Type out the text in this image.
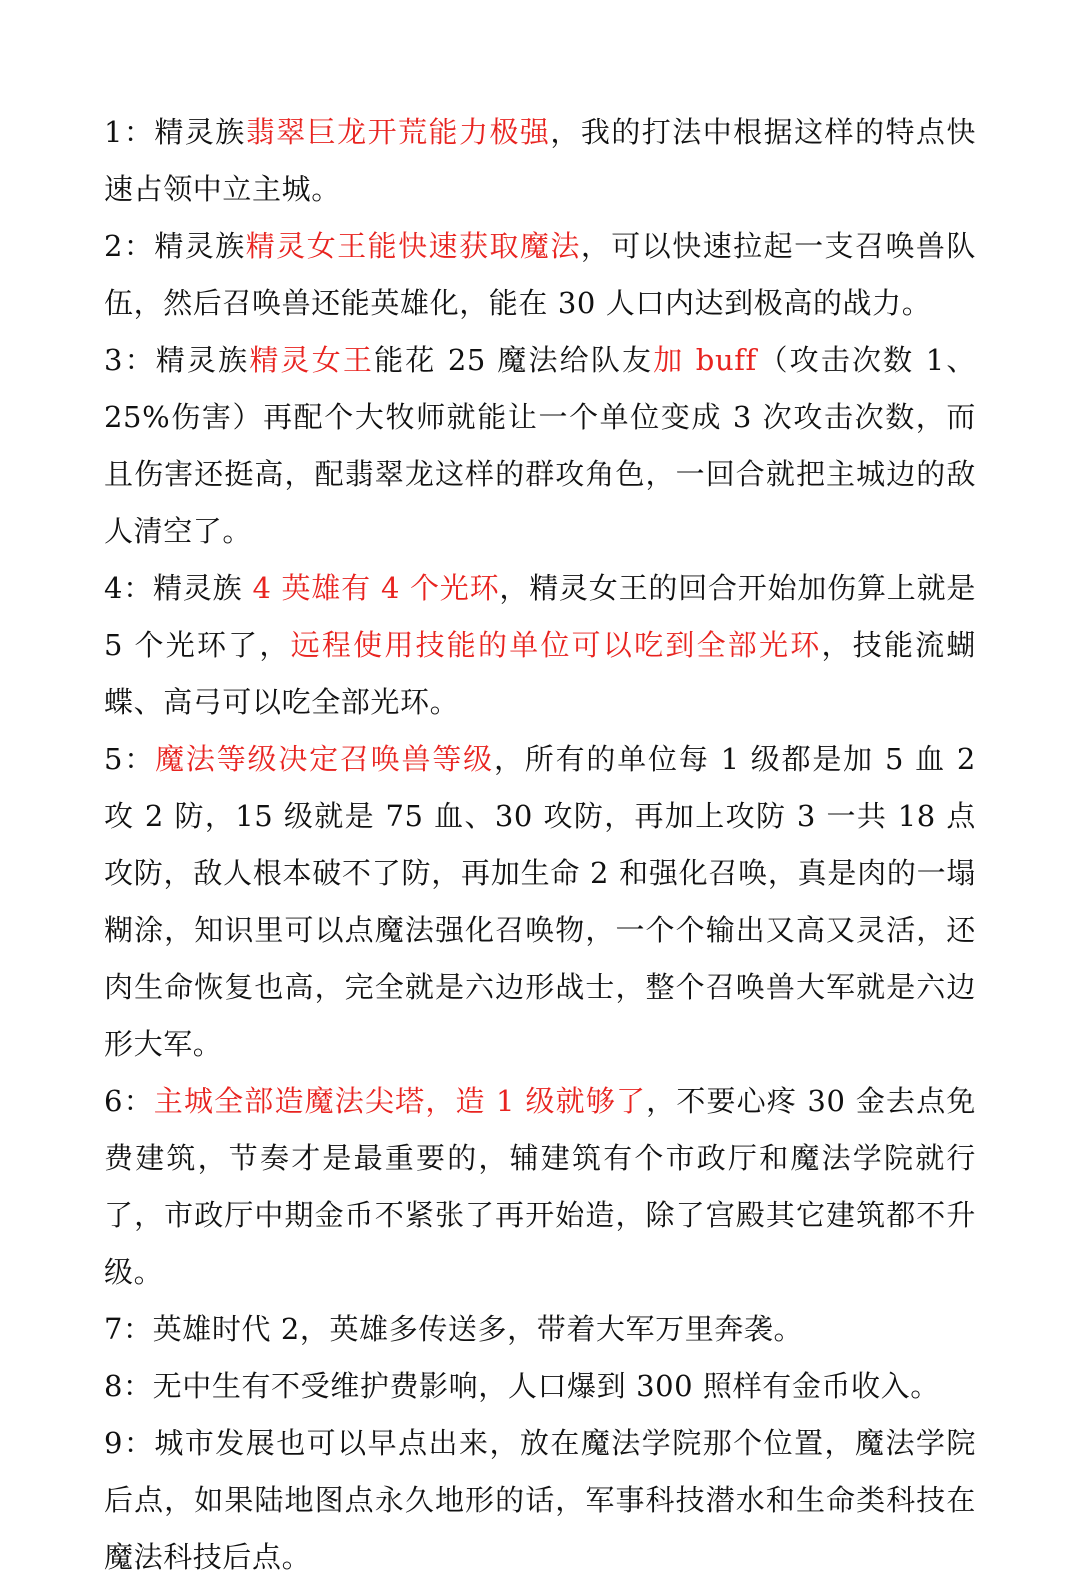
1：精灵族翡翠巨龙开荒能力极强，我的打法中根据这样的特点快速占领中立主城。

2：精灵族精灵女王能快速获取魔法，可以快速拉起一支召唤兽队伍，然后召唤兽还能英雄化，能在 30 人口内达到极高的战力。

3：精灵族精灵女王能花 25 魔法给队友加 buff（攻击次数 1、25%伤害）再配个大牧师就能让一个单位变成 3 次攻击次数，而且伤害还挺高，配翡翠龙这样的群攻角色，一回合就把主城边的敌人清空了。

4：精灵族 4 英雄有 4 个光环，精灵女王的回合开始加伤算上就是 5 个光环了，远程使用技能的单位可以吃到全部光环，技能流蝴蝶、高弓可以吃全部光环。

5：魔法等级决定召唤兽等级，所有的单位每 1 级都是加 5 血 2 攻 2 防，15 级就是 75 血、30 攻防，再加上攻防 3 一共 18 点攻防，敌人根本破不了防，再加生命 2 和强化召唤，真是肉的一塌糊涂，知识里可以点魔法强化召唤物，一个个输出又高又灵活，还肉生命恢复也高，完全就是六边形战士，整个召唤兽大军就是六边形大军。

6：主城全部造魔法尖塔，造 1 级就够了，不要心疼 30 金去点免费建筑，节奏才是最重要的，辅建筑有个市政厅和魔法学院就行了，市政厅中期金币不紧张了再开始造，除了宫殿其它建筑都不升级。

7：英雄时代 2，英雄多传送多，带着大军万里奔袭。

8：无中生有不受维护费影响，人口爆到 300 照样有金币收入。

9：城市发展也可以早点出来，放在魔法学院那个位置，魔法学院后点，如果陆地图点永久地形的话，军事科技潜水和生命类科技在魔法科技后点。
